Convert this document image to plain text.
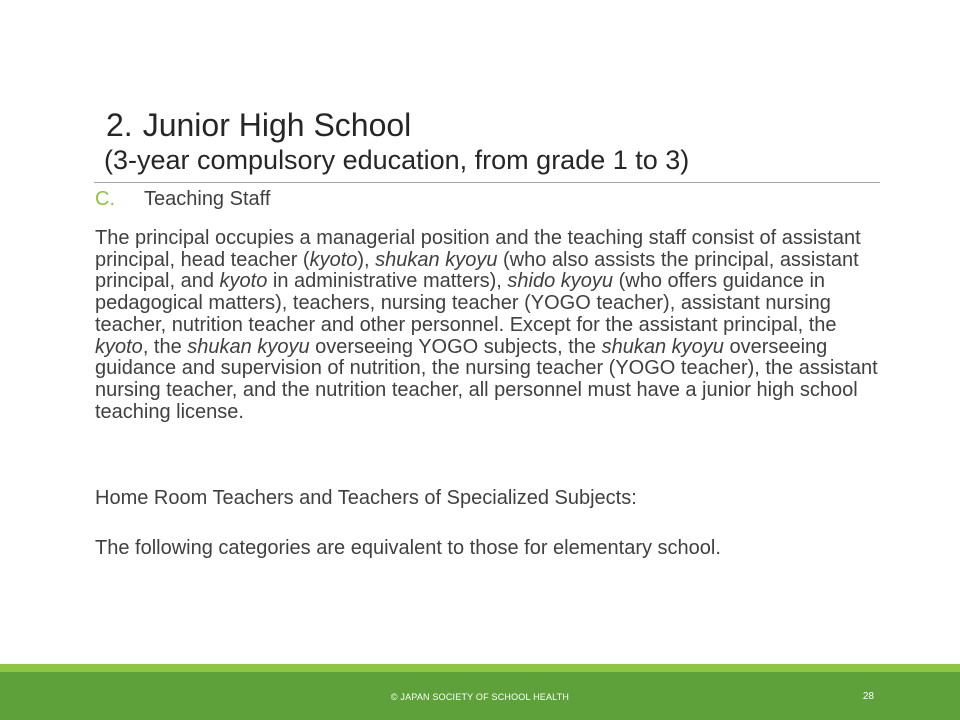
2. Junior High School
(3-year compulsory education, from grade 1 to 3)
C. Teaching Staff
The principal occupies a managerial position and the teaching staff consist of assistant principal, head teacher (kyoto), shukan kyoyu (who also assists the principal, assistant principal, and kyoto in administrative matters), shido kyoyu (who offers guidance in pedagogical matters), teachers, nursing teacher (YOGO teacher), assistant nursing teacher, nutrition teacher and other personnel. Except for the assistant principal, the kyoto, the shukan kyoyu overseeing YOGO subjects, the shukan kyoyu overseeing guidance and supervision of nutrition, the nursing teacher (YOGO teacher), the assistant nursing teacher, and the nutrition teacher, all personnel must have a junior high school teaching license.
Home Room Teachers and Teachers of Specialized Subjects:
The following categories are equivalent to those for elementary school.
© JAPAN SOCIETY OF SCHOOL HEALTH	28
